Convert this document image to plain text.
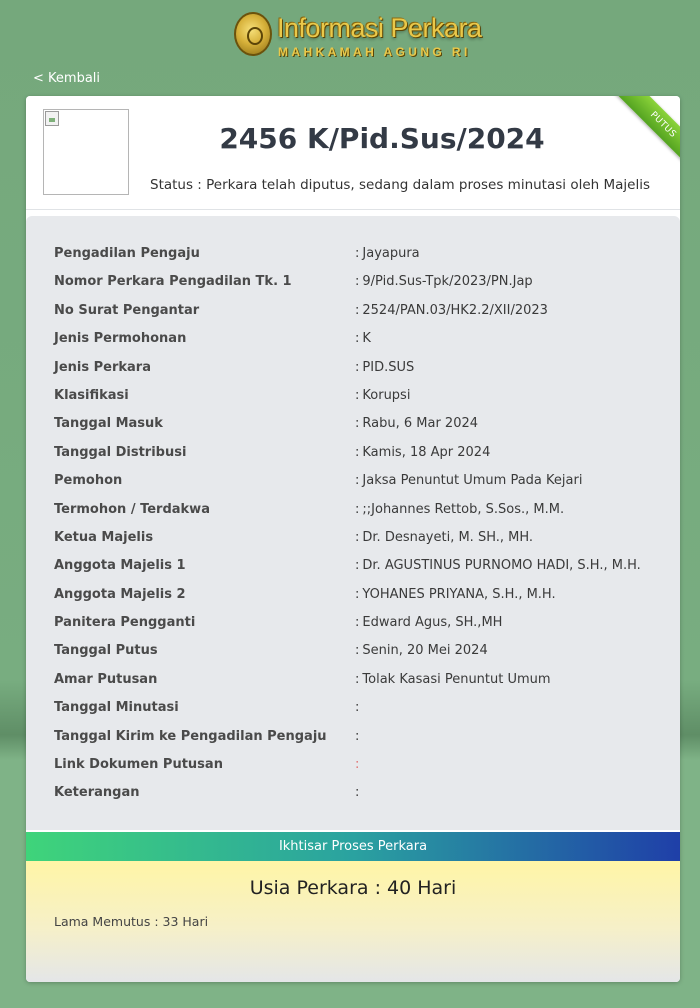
Informasi Perkara
MAHKAMAH AGUNG RI
< Kembali
2456 K/Pid.Sus/2024
Status : Perkara telah diputus, sedang dalam proses minutasi oleh Majelis
PUTUS
Pengadilan Pengaju	: Jayapura
Nomor Perkara Pengadilan Tk. 1	: 9/Pid.Sus-Tpk/2023/PN.Jap
No Surat Pengantar	: 2524/PAN.03/HK2.2/XII/2023
Jenis Permohonan	: K
Jenis Perkara	: PID.SUS
Klasifikasi	: Korupsi
Tanggal Masuk	: Rabu, 6 Mar 2024
Tanggal Distribusi	: Kamis, 18 Apr 2024
Pemohon	: Jaksa Penuntut Umum Pada Kejari
Termohon / Terdakwa	: ;;Johannes Rettob, S.Sos., M.M.
Ketua Majelis	: Dr. Desnayeti, M. SH., MH.
Anggota Majelis 1	: Dr. AGUSTINUS PURNOMO HADI, S.H., M.H.
Anggota Majelis 2	: YOHANES PRIYANA, S.H., M.H.
Panitera Pengganti	: Edward Agus, SH.,MH
Tanggal Putus	: Senin, 20 Mei 2024
Amar Putusan	: Tolak Kasasi Penuntut Umum
Tanggal Minutasi	:
Tanggal Kirim ke Pengadilan Pengaju :
Link Dokumen Putusan	:
Keterangan	:
Ikhtisar Proses Perkara
Usia Perkara : 40 Hari
Lama Memutus : 33 Hari
